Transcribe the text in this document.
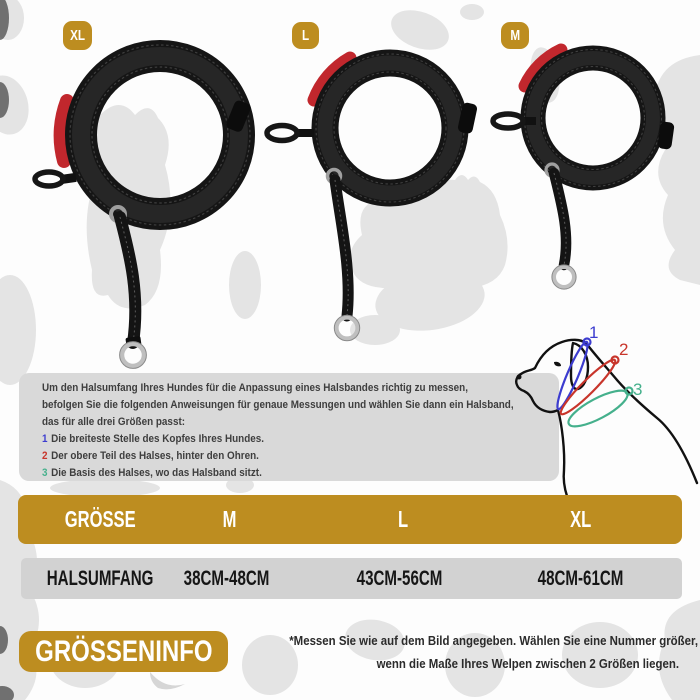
XL	L	M
Um den Halsumfang Ihres Hundes für die Anpassung eines Halsbandes richtig zu messen,
befolgen Sie die folgenden Anweisungen für genaue Messungen und wählen Sie dann ein Halsband,
das für alle drei Größen passt:
1 Die breiteste Stelle des Kopfes Ihres Hundes.
2 Der obere Teil des Halses, hinter den Ohren.
3 Die Basis des Halses, wo das Halsband sitzt.
1
2
3
GRÖSSE	M	L	XL
HALSUMFANG 38CM-48CM	43CM-56CM	48CM-61CM
GRÖSSENINFO	*Messen Sie wie auf dem Bild angegeben. Wählen Sie eine Nummer größer,
wenn die Maße Ihres Welpen zwischen 2 Größen liegen.
